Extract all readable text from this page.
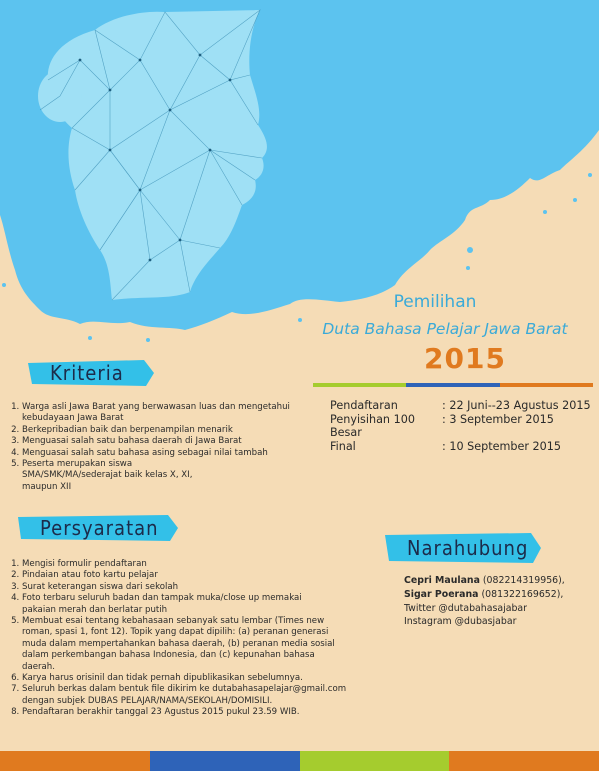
Pemilihan
Duta Bahasa Pelajar Jawa Barat
2015
Pendaftaran	: 22 Juni--23 Agustus 2015
Penyisihan 100 Besar
: 3 September 2015
Final	: 10 September 2015
Kriteria
1. Warga asli Jawa Barat yang berwawasan luas dan mengetahui kebudayaan Jawa Barat
2. Berkepribadian baik dan berpenampilan menarik
3. Menguasai salah satu bahasa daerah di Jawa Barat
4. Menguasai salah satu bahasa asing sebagai nilai tambah
5. Peserta merupakan siswa SMA/SMK/MA/sederajat baik kelas X, XI, maupun XII
Persyaratan
1. Mengisi formulir pendaftaran
2. Pindaian atau foto kartu pelajar
3. Surat keterangan siswa dari sekolah
4. Foto terbaru seluruh badan dan tampak muka/close up memakai pakaian merah dan berlatar putih
5. Membuat esai tentang kebahasaan sebanyak satu lembar (Times new roman, spasi 1, font 12). Topik yang dapat dipilih: (a) peranan generasi muda dalam mempertahankan bahasa daerah, (b) peranan media sosial dalam perkembangan bahasa Indonesia, dan (c) kepunahan bahasa daerah.
6. Karya harus orisinil dan tidak pernah dipublikasikan sebelumnya.
7. Seluruh berkas dalam bentuk file dikirim ke dutabahasapelajar@gmail.com dengan subjek DUBAS PELAJAR/NAMA/SEKOLAH/DOMISILI.
8. Pendaftaran berakhir tanggal 23 Agustus 2015 pukul 23.59 WIB.
Narahubung
Cepri Maulana (082214319956),
Sigar Poerana (081322169652),
Twitter @dutabahasajabar
Instagram @dubasjabar
